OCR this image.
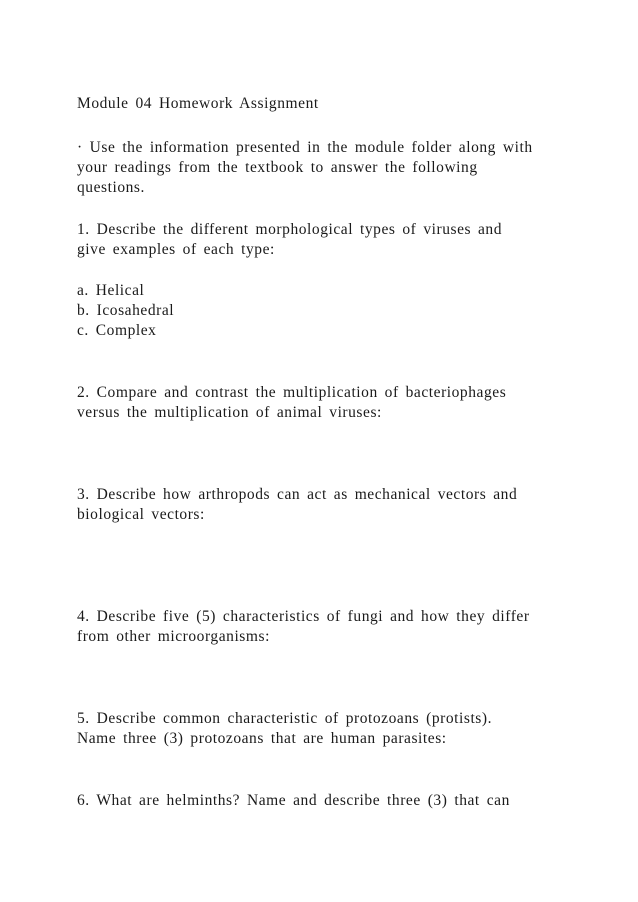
Module 04 Homework Assignment

· Use the information presented in the module folder along with

your readings from the textbook to answer the following

questions.

1. Describe the different morphological types of viruses and

give examples of each type:

a. Helical

b. Icosahedral

c. Complex

2. Compare and contrast the multiplication of bacteriophages

versus the multiplication of animal viruses:

3. Describe how arthropods can act as mechanical vectors and

biological vectors:

4. Describe five (5) characteristics of fungi and how they differ

from other microorganisms:

5. Describe common characteristic of protozoans (protists).

Name three (3) protozoans that are human parasites:

6. What are helminths? Name and describe three (3) that can
